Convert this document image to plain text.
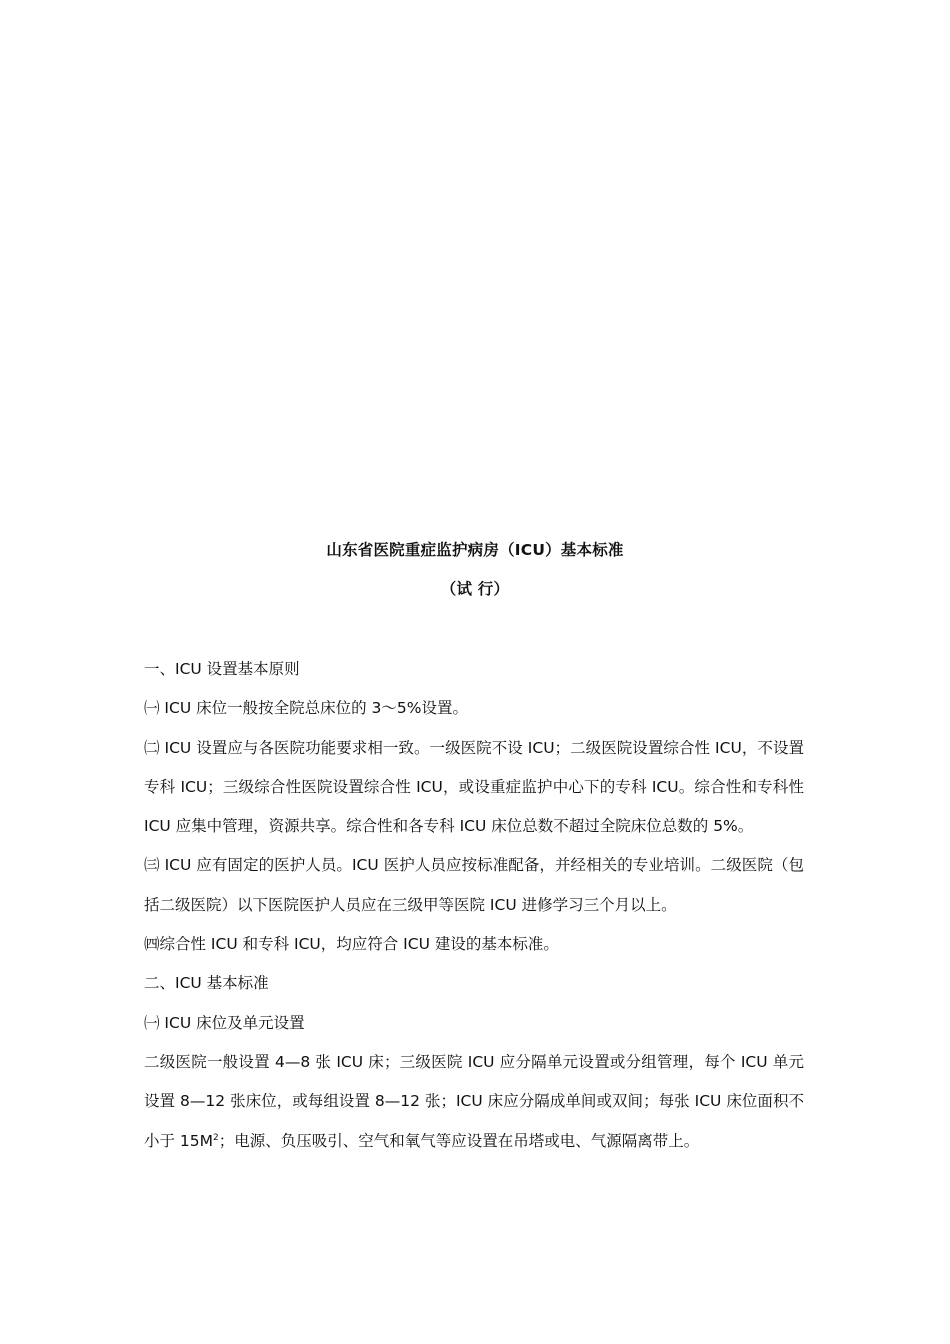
山东省医院重症监护病房（ICU）基本标准
（试 行）

一、ICU 设置基本原则

㈠ ICU 床位一般按全院总床位的 3～5%设置。

㈡ ICU 设置应与各医院功能要求相一致。一级医院不设 ICU；二级医院设置综合性 ICU，不设置专科 ICU；三级综合性医院设置综合性 ICU，或设重症监护中心下的专科 ICU。综合性和专科性 ICU 应集中管理，资源共享。综合性和各专科 ICU 床位总数不超过全院床位总数的 5%。

㈢ ICU 应有固定的医护人员。ICU 医护人员应按标准配备，并经相关的专业培训。二级医院（包括二级医院）以下医院医护人员应在三级甲等医院 ICU 进修学习三个月以上。

㈣综合性 ICU 和专科 ICU，均应符合 ICU 建设的基本标准。

二、ICU 基本标准

㈠ ICU 床位及单元设置

二级医院一般设置 4—8 张 ICU 床；三级医院 ICU 应分隔单元设置或分组管理，每个 ICU 单元设置 8—12 张床位，或每组设置 8—12 张；ICU 床应分隔成单间或双间；每张 ICU 床位面积不小于 $15M^2$；电源、负压吸引、空气和氧气等应设置在吊塔或电、气源隔离带上。
